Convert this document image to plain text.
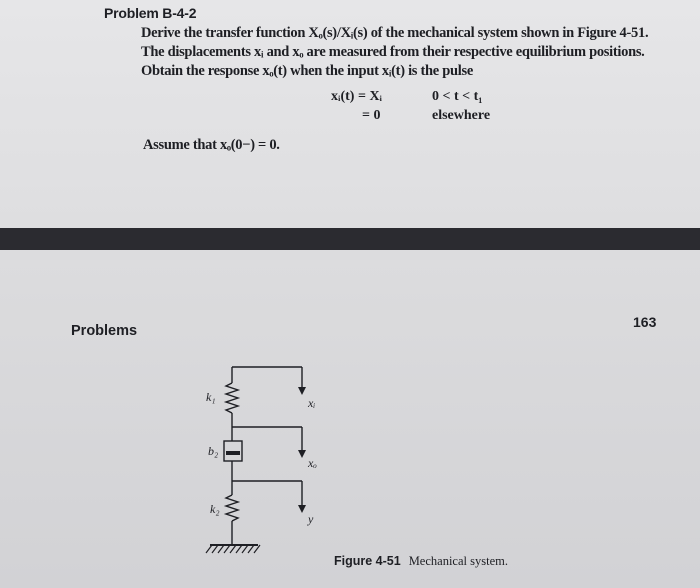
Problem B-4-2
Derive the transfer function Xₒ(s)/Xᵢ(s) of the mechanical system shown in Figure 4-51.
The displacements xᵢ and xₒ are measured from their respective equilibrium positions.
Obtain the response xₒ(t) when the input xᵢ(t) is the pulse
xᵢ(t) = Xᵢ	0 < t < t₁
= 0	elsewhere
Assume that xₒ(0−) = 0.
Problems
163
k₁
b₂
k₂
xᵢ
xₒ
y
Figure 4-51 Mechanical system.
